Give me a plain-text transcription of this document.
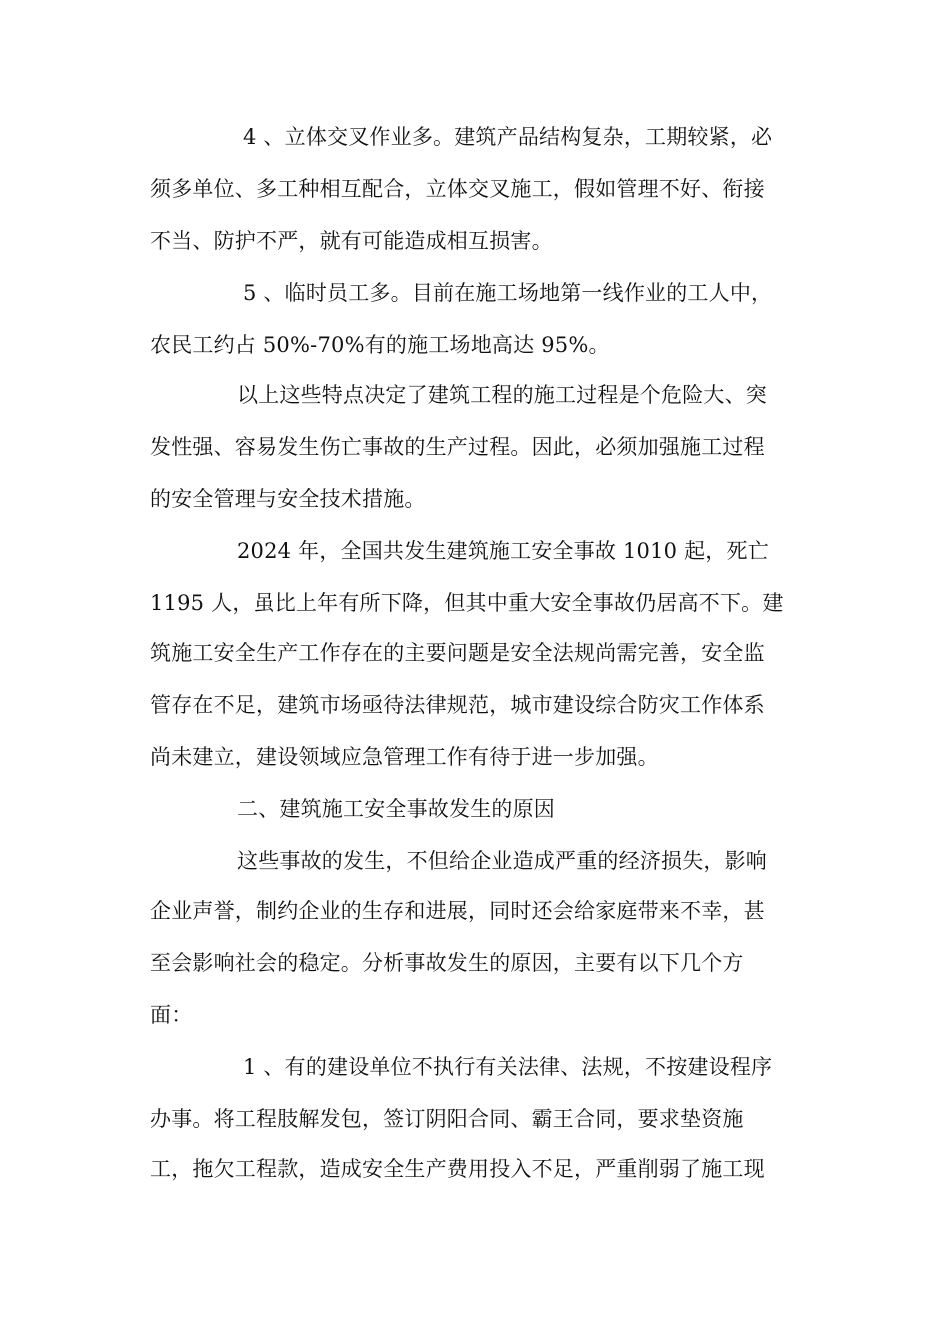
4 、立体交叉作业多。建筑产品结构复杂，工期较紧，必
须多单位、多工种相互配合，立体交叉施工，假如管理不好、衔接
不当、防护不严，就有可能造成相互损害。
5 、临时员工多。目前在施工场地第一线作业的工人中，
农民工约占 50%-70%有的施工场地高达 95%。
以上这些特点决定了建筑工程的施工过程是个危险大、突
发性强、容易发生伤亡事故的生产过程。因此，必须加强施工过程
的安全管理与安全技术措施。
2024 年，全国共发生建筑施工安全事故 1010 起，死亡
1195 人，虽比上年有所下降，但其中重大安全事故仍居高不下。建
筑施工安全生产工作存在的主要问题是安全法规尚需完善，安全监
管存在不足，建筑市场亟待法律规范，城市建设综合防灾工作体系
尚未建立，建设领域应急管理工作有待于进一步加强。
二、建筑施工安全事故发生的原因
这些事故的发生，不但给企业造成严重的经济损失，影响
企业声誉，制约企业的生存和进展，同时还会给家庭带来不幸，甚
至会影响社会的稳定。分析事故发生的原因，主要有以下几个方
面：
1 、有的建设单位不执行有关法律、法规，不按建设程序
办事。将工程肢解发包，签订阴阳合同、霸王合同，要求垫资施
工，拖欠工程款，造成安全生产费用投入不足，严重削弱了施工现
